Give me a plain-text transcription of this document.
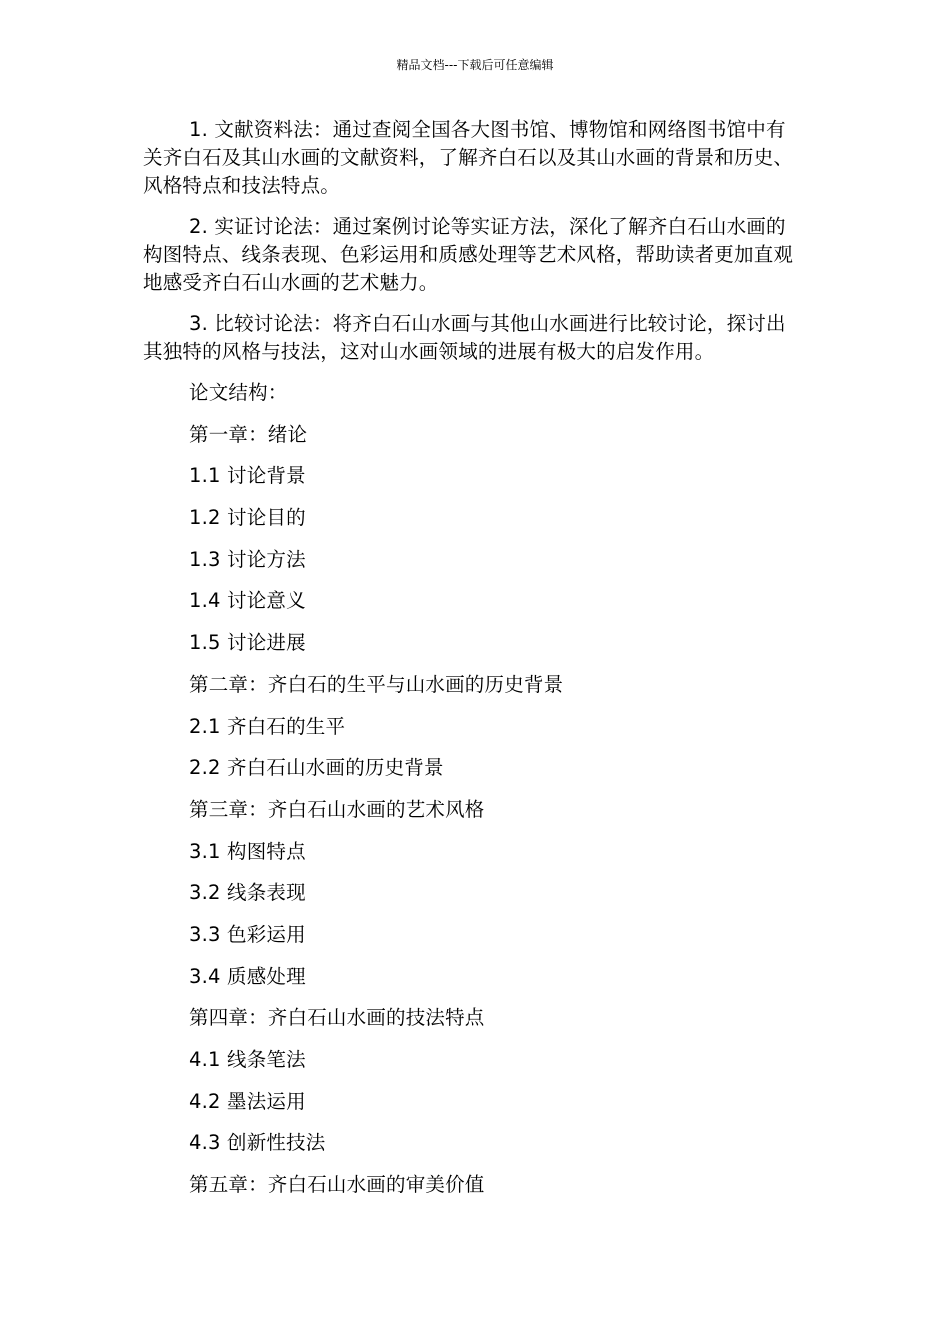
精品文档---下载后可任意编辑

1. 文献资料法：通过查阅全国各大图书馆、博物馆和网络图书馆中有关齐白石及其山水画的文献资料，了解齐白石以及其山水画的背景和历史、风格特点和技法特点。

2. 实证讨论法：通过案例讨论等实证方法，深化了解齐白石山水画的构图特点、线条表现、色彩运用和质感处理等艺术风格，帮助读者更加直观地感受齐白石山水画的艺术魅力。

3. 比较讨论法：将齐白石山水画与其他山水画进行比较讨论，探讨出其独特的风格与技法，这对山水画领域的进展有极大的启发作用。

论文结构：
第一章：绪论
1.1 讨论背景
1.2 讨论目的
1.3 讨论方法
1.4 讨论意义
1.5 讨论进展
第二章：齐白石的生平与山水画的历史背景
2.1 齐白石的生平
2.2 齐白石山水画的历史背景
第三章：齐白石山水画的艺术风格
3.1 构图特点
3.2 线条表现
3.3 色彩运用
3.4 质感处理
第四章：齐白石山水画的技法特点
4.1 线条笔法
4.2 墨法运用
4.3 创新性技法
第五章：齐白石山水画的审美价值
